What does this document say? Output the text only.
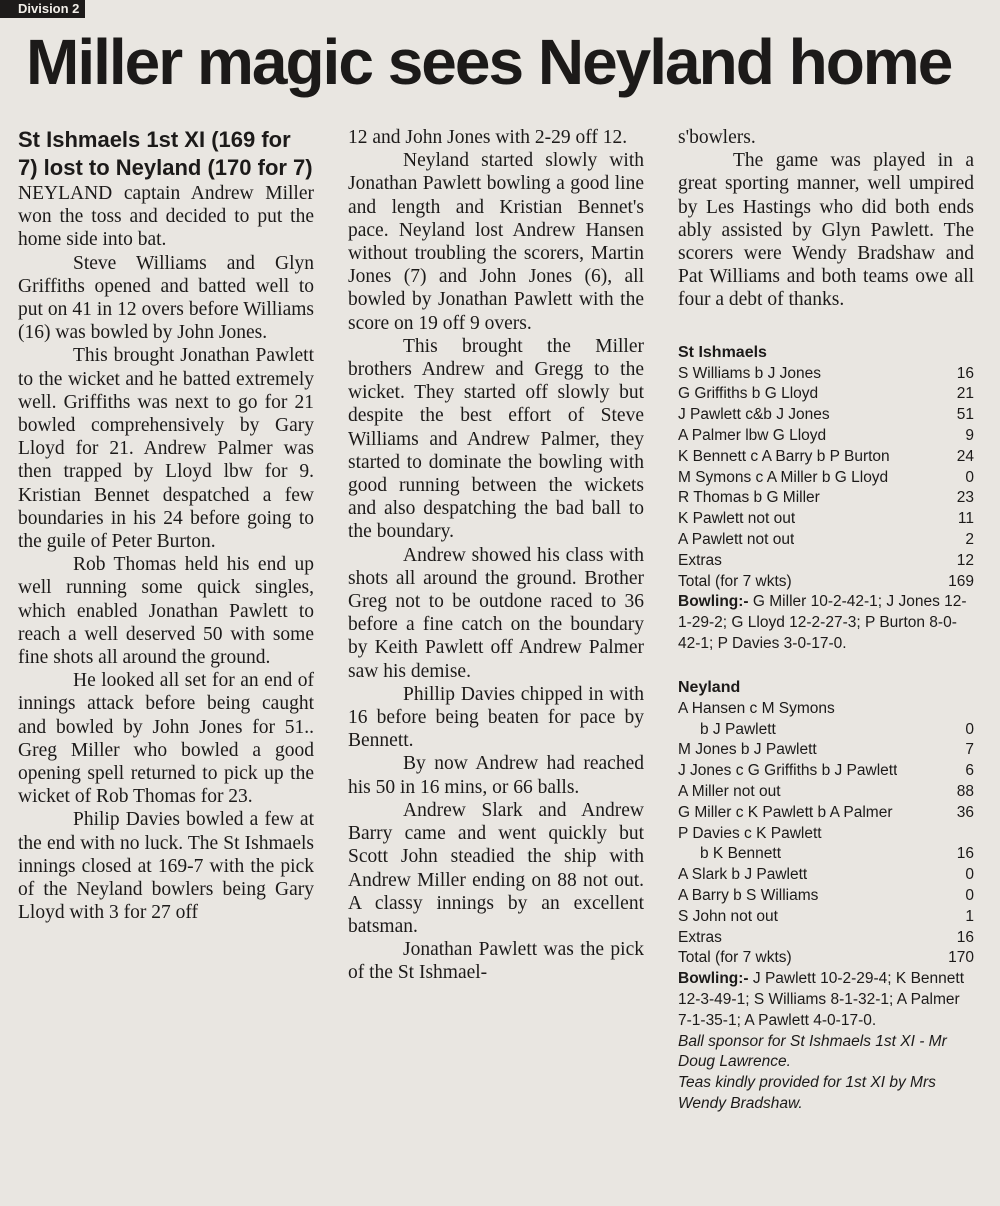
Division 2
Miller magic sees Neyland home
St Ishmaels 1st XI (169 for 7) lost to Neyland (170 for 7)

NEYLAND captain Andrew Miller won the toss and decided to put the home side into bat.

Steve Williams and Glyn Griffiths opened and batted well to put on 41 in 12 overs before Williams (16) was bowled by John Jones.

This brought Jonathan Pawlett to the wicket and he batted extremely well. Griffiths was next to go for 21 bowled comprehensively by Gary Lloyd for 21. Andrew Palmer was then trapped by Lloyd lbw for 9. Kristian Bennet despatched a few boundaries in his 24 before going to the guile of Peter Burton.

Rob Thomas held his end up well running some quick singles, which enabled Jonathan Pawlett to reach a well deserved 50 with some fine shots all around the ground.

He looked all set for an end of innings attack before being caught and bowled by John Jones for 51.. Greg Miller who bowled a good opening spell returned to pick up the wicket of Rob Thomas for 23.

Philip Davies bowled a few at the end with no luck. The St Ishmaels innings closed at 169-7 with the pick of the Neyland bowlers being Gary Lloyd with 3 for 27 off

12 and John Jones with 2-29 off 12.

Neyland started slowly with Jonathan Pawlett bowling a good line and length and Kristian Bennet's pace. Neyland lost Andrew Hansen without troubling the scorers, Martin Jones (7) and John Jones (6), all bowled by Jonathan Pawlett with the score on 19 off 9 overs.

This brought the Miller brothers Andrew and Gregg to the wicket. They started off slowly but despite the best effort of Steve Williams and Andrew Palmer, they started to dominate the bowling with good running between the wickets and also despatching the bad ball to the boundary.

Andrew showed his class with shots all around the ground. Brother Greg not to be outdone raced to 36 before a fine catch on the boundary by Keith Pawlett off Andrew Palmer saw his demise.

Phillip Davies chipped in with 16 before being beaten for pace by Bennett.

By now Andrew had reached his 50 in 16 mins, or 66 balls.

Andrew Slark and Andrew Barry came and went quickly but Scott John steadied the ship with Andrew Miller ending on 88 not out. A classy innings by an excellent batsman.

Jonathan Pawlett was the pick of the St Ishmael-

s'bowlers.

The game was played in a great sporting manner, well umpired by Les Hastings who did both ends ably assisted by Glyn Pawlett. The scorers were Wendy Bradshaw and Pat Williams and both teams owe all four a debt of thanks.

St Ishmaels
S Williams b J Jones	16
G Griffiths b G Lloyd	21
J Pawlett c&b J Jones	51
A Palmer lbw G Lloyd	9
K Bennett c A Barry b P Burton	24
M Symons c A Miller b G Lloyd	0
R Thomas b G Miller	23
K Pawlett not out	11
A Pawlett not out	2
Extras	12
Total (for 7 wkts)	169
Bowling:- G Miller 10-2-42-1; J Jones 12-1-29-2; G Lloyd 12-2-27-3; P Burton 8-0-42-1; P Davies 3-0-17-0.
Neyland
A Hansen c M Symons
b J Pawlett	0
M Jones b J Pawlett	7
J Jones c G Griffiths b J Pawlett	6
A Miller not out	88
G Miller c K Pawlett b A Palmer	36
P Davies c K Pawlett
b K Bennett	16
A Slark b J Pawlett	0
A Barry b S Williams	0
S John not out	1
Extras	16
Total (for 7 wkts)	170
Bowling:- J Pawlett 10-2-29-4; K Bennett 12-3-49-1; S Williams 8-1-32-1; A Palmer 7-1-35-1; A Pawlett 4-0-17-0.
Ball sponsor for St Ishmaels 1st XI - Mr Doug Lawrence.
Teas kindly provided for 1st XI by Mrs Wendy Bradshaw.
